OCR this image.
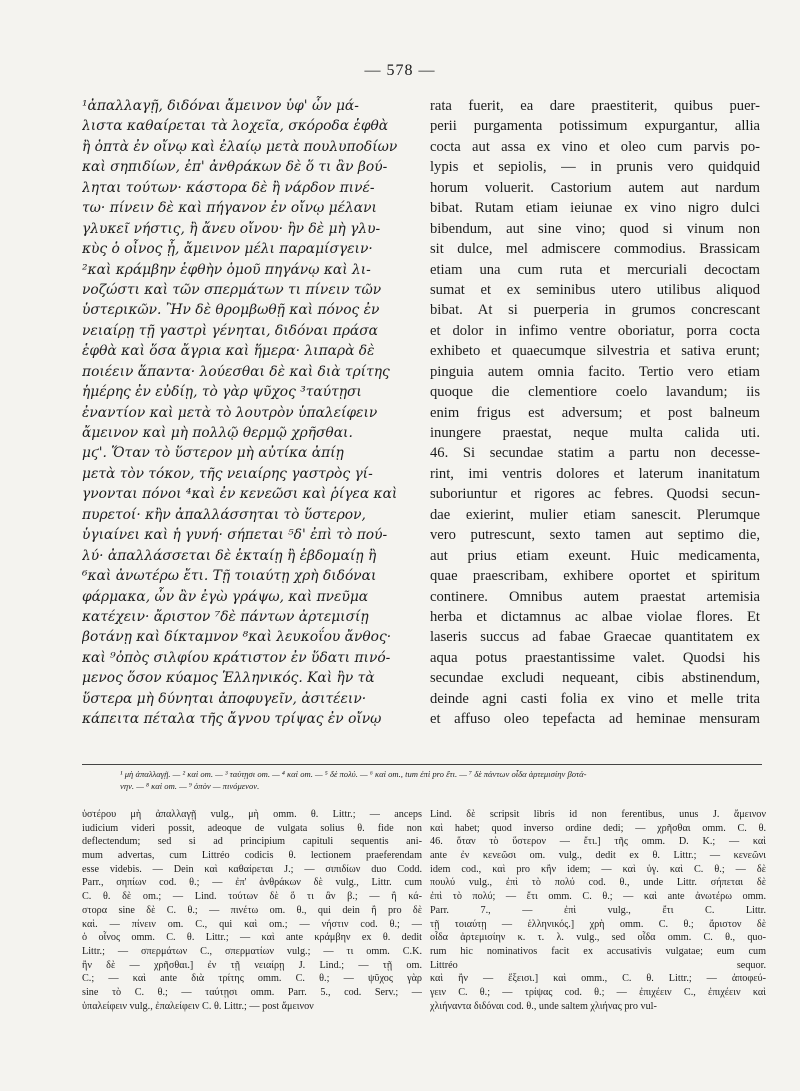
— 578 —
¹ἀπαλλαγῇ, διδόναι ἄμεινον ὑφ' ὧν μά-
λιστα καθαίρεται τὰ λοχεῖα, σκόροδα ἑφθὰ
ἢ ὀπτὰ ἐν οἴνῳ καὶ ἐλαίῳ μετὰ πουλυποδίων
καὶ σηπιδίων, ἐπ' ἀνθράκων δὲ ὅ τι ἂν βού-
ληται τούτων· κάστορα δὲ ἢ νάρδον πινέ-
τω· πίνειν δὲ καὶ πήγανον ἐν οἴνῳ μέλανι
γλυκεῖ νήστις, ἢ ἄνευ οἴνου· ἢν δὲ μὴ γλυ-
κὺς ὁ οἶνος ᾖ, ἄμεινον μέλι παραμίσγειν·
²καὶ κράμβην ἑφθὴν ὁμοῦ πηγάνῳ καὶ λι-
νοζώστι καὶ τῶν σπερμάτων τι πίνειν τῶν
ὑστερικῶν. Ἢν δὲ θρομβωθῇ καὶ πόνος ἐν
νειαίρῃ τῇ γαστρὶ γένηται, διδόναι πράσα
ἑφθὰ καὶ ὅσα ἄγρια καὶ ἥμερα· λιπαρὰ δὲ
ποιέειν ἅπαντα· λούεσθαι δὲ καὶ διὰ τρίτης
ἡμέρης ἐν εὐδίῃ, τὸ γὰρ ψῦχος ³ταύτῃσι
ἐναντίον καὶ μετὰ τὸ λουτρὸν ὑπαλείφειν
ἄμεινον καὶ μὴ πολλῷ θερμῷ χρῆσθαι.
μϛ'. Ὅταν τὸ ὕστερον μὴ αὐτίκα ἀπίῃ
μετὰ τὸν τόκον, τῆς νειαίρης γαστρὸς γί-
γνονται πόνοι ⁴καὶ ἐν κενεῶσι καὶ ῥίγεα καὶ
πυρετοί· κἢν ἀπαλλάσσηται τὸ ὕστερον,
ὑγιαίνει καὶ ἡ γυνή· σήπεται ⁵δ' ἐπὶ τὸ πού-
λύ· ἀπαλλάσσεται δὲ ἑκταίῃ ἢ ἑβδομαίῃ ἢ
⁶καὶ ἀνωτέρω ἔτι. Τῇ τοιαύτῃ χρὴ διδόναι
φάρμακα, ὧν ἂν ἐγὼ γράψω, καὶ πνεῦμα
κατέχειν· ἄριστον ⁷δὲ πάντων ἀρτεμισίῃ
βοτάνῃ καὶ δίκταμνον ⁸καὶ λευκοΐου ἄνθος·
καὶ ⁹ὀπὸς σιλφίου κράτιστον ἐν ὕδατι πινό-
μενος ὅσον κύαμος Ἑλληνικός. Καὶ ἢν τὰ
ὕστερα μὴ δύνηται ἀποφυγεῖν, ἀσιτέειν·
κάπειτα πέταλα τῆς ἄγνου τρίψας ἐν οἴνῳ
rata fuerit, ea dare praestiterit, quibus puer-
perii purgamenta potissimum expurgantur, allia
cocta aut assa ex vino et oleo cum parvis po-
lypis et sepiolis, — in prunis vero quidquid
horum voluerit. Castorium autem aut nardum
bibat. Rutam etiam ieiunae ex vino nigro dulci
bibendum, aut sine vino; quod si vinum non
sit dulce, mel admiscere commodius. Brassicam
etiam una cum ruta et mercuriali decoctam
sumat et ex seminibus utero utilibus aliquod
bibat. At si puerperia in grumos concrescant
et dolor in infimo ventre oboriatur, porra cocta
exhibeto et quaecumque silvestria et sativa erunt;
pinguia autem omnia facito. Tertio vero etiam
quoque die clementiore coelo lavandum; iis
enim frigus est adversum; et post balneum
inungere praestat, neque multa calida uti.
46. Si secundae statim a partu non decesse-
rint, imi ventris dolores et laterum inanitatum
suboriuntur et rigores ac febres. Quodsi secun-
dae exierint, mulier etiam sanescit. Plerumque
vero putrescunt, sexto tamen aut septimo die,
aut prius etiam exeunt. Huic medicamenta,
quae praescribam, exhibere oportet et spiritum
continere. Omnibus autem praestat artemisia
herba et dictamnus ac albae violae flores. Et
laseris succus ad fabae Graecae quantitatem ex
aqua potus praestantissime valet. Quodsi his
secundae excludi nequeant, cibis abstinendum,
deinde agni casti folia ex vino et melle trita
et affuso oleo tepefacta ad heminae mensuram
¹ μὴ ἀπαλλαγῇ. — ² καὶ om. — ³ ταύτῃσι om. — ⁴ καὶ om. — ⁵ δὲ πολύ. — ⁶ καὶ om., tum ἐπὶ pro ἔτι. — ⁷ δὲ πάντων οἶδα ἀρτεμισίην βοτά-
νην. — ⁸ καὶ om. — ⁹ ὀπὸν — πινόμενον.
ὑστέρου μὴ ἀπαλλαγῇ vulg., μὴ omm. θ. Littr.; — anceps
iudicium videri possit, adeoque de vulgata solius θ. fide non
deflectendum; sed si ad principium capituli sequentis ani-
mum advertas, cum Littréo codicis θ. lectionem praeferendam
esse videbis. — Dein καὶ καθαίρεται J.; — σιπιδίων duo Codd.
Parr., σηπίων cod. θ.; — ἐπ' ἀνθράκων δὲ vulg., Littr. cum
C. θ. δὲ om.; — Lind. τούτων δὲ ὅ τι ἂν β.; — ἢ κά-
στορα sine δὲ C. θ.; — πινέτω om. θ., qui dein ἢ pro δὲ
καὶ. — πίνειν om. C., qui καὶ om.; — νήστιν cod. θ.; —
ὁ οἶνος omm. C. θ. Littr.; — καὶ ante κράμβην ex θ. dedit
Littr.; — σπερμάτων C., σπερματίων vulg.; — τι omm. C.K.
ἢν δὲ — χρῆσθαι.] ἐν τῇ νειαίρῃ J. Lind.; — τῇ om.
C.; — καὶ ante διὰ τρίτης omm. C. θ.; — ψῦχος γὰρ
sine τὸ C. θ.; — ταύτῃσι omm. Parr. 5., cod. Serv.; —
ὑπαλείφειν vulg., ἐπαλείφειν C. θ. Littr.; — post ἄμεινον
Lind. δὲ scripsit libris id non ferentibus, unus J. ἄμεινον
καὶ habet; quod inverso ordine dedi; — χρῆσθαι omm. C. θ.
46. ὅταν τὸ ὕστερον — ἔτι.] τῆς omm. D. K.; — καὶ
ante ἐν κενεῶσι om. vulg., dedit ex θ. Littr.; — κενεῶνι
idem cod., καὶ pro κἢν idem; — καὶ ὑγ. καὶ C. θ.; — δὲ
πουλύ vulg., ἐπὶ τὸ πολύ cod. θ., unde Littr. σήπεται δὲ
ἐπὶ τὸ πολύ; — ἔτι omm. C. θ.; — καὶ ante ἀνωτέρω omm.
Parr. 7., — ἐπὶ vulg., ἔτι C. Littr.
τῇ τοιαύτῃ — ἑλληνικός.] χρὴ omm. C. θ.; ἄριστον δὲ
οἶδα ἀρτεμισίην κ. τ. λ. vulg., sed οἶδα omm. C. θ., quo-
rum hic nominativos facit ex accusativis vulgatae; eum cum
Littréo sequor.
καὶ ἢν — ἕξεισι.] καὶ omm., C. θ. Littr.; — ἀποφεύ-
γειν C. θ.; — τρίψας cod. θ.; — ἐπιχέειν C., ἐπιχέειν καὶ
χλιήναντα διδόναι cod. θ., unde saltem χλιήνας pro vul-
